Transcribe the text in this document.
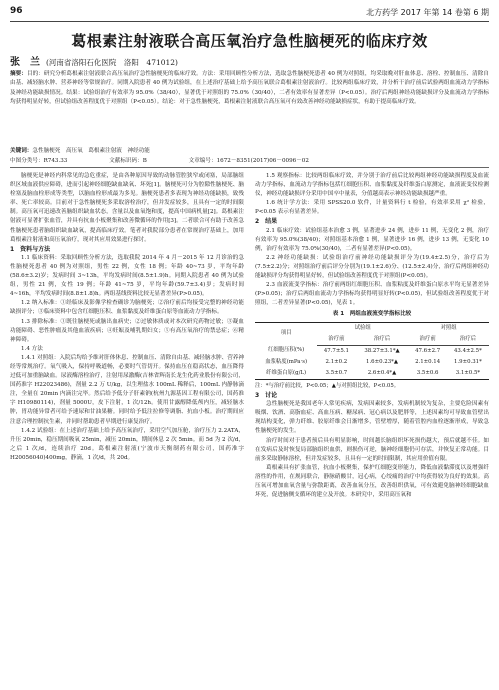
96	北方药学 2017 年第 14 卷第 6 期
葛根素注射液联合高压氧治疗急性脑梗死的临床疗效
张　兰 (河南省洛阳石化医院　洛阳　471012)
摘要：目的：研究分析葛根素注射液联合高压氧治疗急性脑梗死的临床疗效。方法：采用回顾性分析方法，选取急性脑梗死患者 40 例为对照组，均采取晚对肝血体息、溶栓、控制血压、清除自由基、减轻脑水肿、营养神经等常规治疗。同期入院患者 40 例为试验组，在上述治疗基础上给予高压氧联合葛根素注射液治疗。比较两组临床疗效，并分析干治疗前后试验两组血流动力学指标及神经功能缺损情况。结果：试验组治疗有效率为 95.0%（38/40），显著优于对照组的 75.0%（30/40），二者有效率有显著差异（P<0.05）。治疗后两组神经功能缺损评分及血流动力学指标均获得明显好转，但试验组改善程度优于对照组（P<0.05）。结论：对于急性脑梗死，葛根素注射液联合高压氧可有效改善神经功能缺损症状，有助于提高临床疗效。
关键词：急性脑梗死　高压氧　葛根素注射液　神经功能
中图分类号：R743.33	文献标识码：B	文章编号：1672－8351(2017)06－0096－02

脑梗死是神经内科常见的急危重症，是由各种原因导致的动脉管腔狭窄或闭塞，局部脑组织区域血液供应障碍，进而引起神经细胞缺血缺氧、坏死[1]。脑梗死可分为腔隙性脑梗死、脑栓塞及脑血栓形成等类型，以脑血栓形成最为多见。脑梗死患者多表现为神经功能缺损，致残率、死亡率较高。目前对于急性脑梗死多采取溶栓治疗，但并发症较多，且具有一定的时间限制。高压氧可迅速改善脑组织缺血状态，含量以及血氧饱和度，提高中国病机量[2]。葛根素注射液可显著扩张血管，并具有抗血小板聚集和改善微循环的作用[3]。二者联合可有助于改善急性脑梗死患者脑组织缺血缺氧，提高临床疗效。笔者对我院部分患者在常规治疗基础上，加用葛根素注射液和高压氧治疗，现对其应用效果进行探讨。

1　资料与方法

1.1 临床资料：采取回顾性分析方法，选取我院 2014 年 4 月－2015 年 12 月诊治的急性脑梗死患者 40 例为对照组，男性 22 例，女性 18 例；年龄 40~73 岁，平均年龄(58.6±3.2)岁；发病时间 3~13h，平均发病时间(8.5±1.9)h。同期入院患者 40 例为试验组，男性 21 例，女性 19 例；年龄 41~75 岁，平均年龄(59.7±3.4)岁；发病时间 4~16h，平均发病时间(8.8±1.8)h。两组基线资料比较无显著差异(P>0.05)。

1.2 纳入标准：①经临床及影像学检查确诊为脑梗死；②治疗前后均接受完整的神经功能缺损评分；③临床资料中包含红细胞压积、血浆黏度及纤维蛋白原等血流动力学指标。

1.3 排除标准：①既往脑梗死或脑出血病史；②过敏体质或对本次研究药物过敏；③凝血功能障碍、恶性肿瘤及其他血液疾病；④妊娠及哺乳期妇女；⑤有高压氧治疗的禁忌症；⑥精神障碍。

1.4 方法

1.4.1 对照组：入院后均给予维对肝体休息、控制血压、清除自由基、减轻脑水肿、营养神经等常规治疗。氧气吸入，保持呼吸道畅，必要时气管切开。保持血压在稳高状态，血压降得过低可加重脑缺血。尿液酶溶栓治疗，注射用尿激酶(吉林省辉南长龙生化药业股份有限公司，国药准字 H22023486)，剂量 2.2 万 U/kg，以生理盐水 100mL 稀释后，100mL 内静脉滴注，全量在 20min 内滴注完毕。然后给予低分子肝素钠(杭州九源基因工程有限公司，国药准字 H10980114)，剂量 5000U，皮下注射，1 次/12h。使用甘露醇降低颅内压，减轻脑水肿，胃功能异常者可给予速尿和甘油果糖。同时给予低注拉修等调脂、抗血小板。治疗期间应注意合理控制抗生素，并同时帮助患者早期进行康复治疗。

1.4.2 试验组：在上述治疗基础上给予高压氧治疗，采用空气加压舱，治疗压力 2.2ATA，升压 20min，稳压期间吸氧 25min，减压 20min，期间休息 2 次 5min。而 5d 为 2 次/d，之后 1 次/d，连续治疗 20d。葛根素注射液(宁波市天衡制药有限公司，国药准字 H20056040)400mg，静滴，1 次/d，共 20d。

1.5 观察指标：比较两组临床疗效，并分别于治疗前后比较两组神经功能缺损程度及血流动力学指标，血流动力学指标包括红细胞压积、血浆黏度及纤维蛋白原测定，血液流变仪检测仪，神经功能缺损评分采用中国卒中量表，分值越高表示神经功能缺损越严重。

1.6 统计学方法：采用 SPSS20.0 软件，计量资料行 t 检验，有效率采用 χ² 检验，P<0.05 表示有显著差异。

2　结果

2.1 临床疗效：试验组基本治愈 3 例，显著进步 24 例，进步 11 例，无变化 2 例，治疗有效率为 95.0%(38/40)；对照组基本治愈 1 例，显著进步 16 例，进步 13 例，无变化 10 例，治疗有效率为 75.0%(30/40)，二者有显著差异(P<0.05)。

2.2 神经功能缺损：试验组治疗前神经功能缺损评分为(19.4±2.5)分，治疗后为(7.5±2.2)分；对照组治疗前后评分分别为(19.1±2.6)分、(12.5±2.4)分，治疗后两组神经功能缺损评分均获得明显好转，但试验组改善程度优于对照组(P<0.05)。

2.3 血液流变学指标：治疗前两组红细胞压积、血浆粘度及纤维蛋白原水平均无显著差异(P>0.05)；治疗后两组血流动力学指标均获得明显好转(P<0.05)，但试验组改善程度优于对照组，二者差异显著(P<0.05)，见表 1。

表 1　两组血液流变学指标比较
项目	试验组		对照组	
	治疗前	治疗后	治疗前	治疗后
红细胞压积(%)	47.7±5.1	38.27±3.1*▲	47.6±2.7	43.4±2.5*
血浆粘度(mPa·s)	2.1±0.2	1.6±0.23*▲	2.1±0.14	1.9±0.31*
纤维蛋白原(g/L)	3.5±0.7	2.6±0.4*▲	3.5±0.6	3.1±0.5*
注：*与治疗前比较，P<0.05；▲与对照组比较，P<0.05。
3　讨论

急性脑梗死是我国老年人常见疾病，发病因素较多，发病机制较为复杂，主要危险因素有吸烟、饮酒、高脂血症、高血压病、糖尿病、冠心病以及肥胖等，上述因素均可导致血管壁出现结构变化，弹力纤维、胶原纤维会日渐增多，管壁增厚，随着管腔内血栓逐渐形成，导致急性脑梗死的发生。

治疗时间对于患者预后具有明显影响，时间越长脑组织坏死损伤越大，预后就越不佳。如在发病后及时恢复局部脑组织血供，则损伤可逆，脑神经细胞仍可存活，并恢复正常功能。目前多采取静脉溶栓，但并发症较多，且具有一定的时间限制，其应用价值有限。

葛根素具有扩张血管，抗血小板聚集，保护红细胞变形能力，降低血液黏滞度以及增强纤溶性的作用，在规同联合，静脉硝酸甘，冠心病，心绞痛的治疗中均获得较为良好的效果。高压氧可增加血氧含量与弥散距离，改善血氧分压，改善组织供氧，可有效避免脑神经细胞缺血坏死，促进脑侧支循环的建立及开放。本研究中，采用高压氧和
